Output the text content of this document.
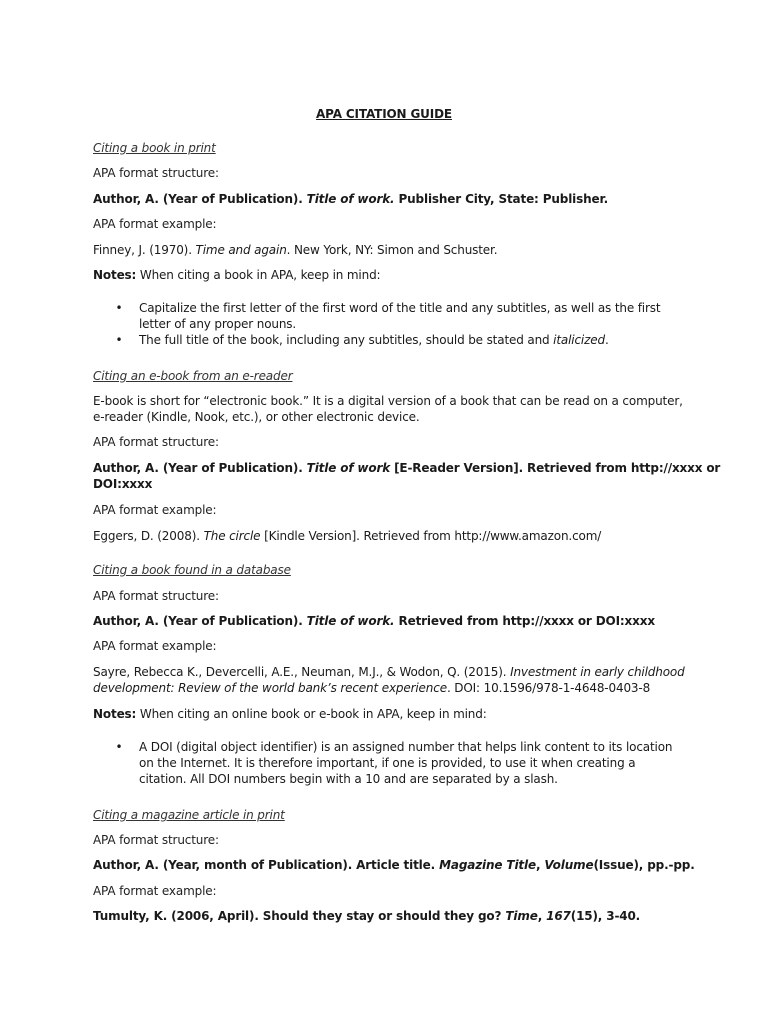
APA CITATION GUIDE

Citing a book in print

APA format structure:

Author, A. (Year of Publication). Title of work. Publisher City, State: Publisher.

APA format example:

Finney, J. (1970). Time and again. New York, NY: Simon and Schuster.

Notes: When citing a book in APA, keep in mind:

• Capitalize the first letter of the first word of the title and any subtitles, as well as the first
letter of any proper nouns.
• The full title of the book, including any subtitles, should be stated and italicized.

Citing an e-book from an e-reader

E-book is short for “electronic book.” It is a digital version of a book that can be read on a computer,
e-reader (Kindle, Nook, etc.), or other electronic device.

APA format structure:

Author, A. (Year of Publication). Title of work [E-Reader Version]. Retrieved from http://xxxx or
DOI:xxxx

APA format example:

Eggers, D. (2008). The circle [Kindle Version]. Retrieved from http://www.amazon.com/

Citing a book found in a database

APA format structure:

Author, A. (Year of Publication). Title of work. Retrieved from http://xxxx or DOI:xxxx

APA format example:

Sayre, Rebecca K., Devercelli, A.E., Neuman, M.J., & Wodon, Q. (2015). Investment in early childhood
development: Review of the world bank’s recent experience. DOI: 10.1596/978-1-4648-0403-8

Notes: When citing an online book or e-book in APA, keep in mind:

• A DOI (digital object identifier) is an assigned number that helps link content to its location
on the Internet. It is therefore important, if one is provided, to use it when creating a
citation. All DOI numbers begin with a 10 and are separated by a slash.

Citing a magazine article in print

APA format structure:

Author, A. (Year, month of Publication). Article title. Magazine Title, Volume(Issue), pp.-pp.

APA format example:

Tumulty, K. (2006, April). Should they stay or should they go? Time, 167(15), 3-40.
